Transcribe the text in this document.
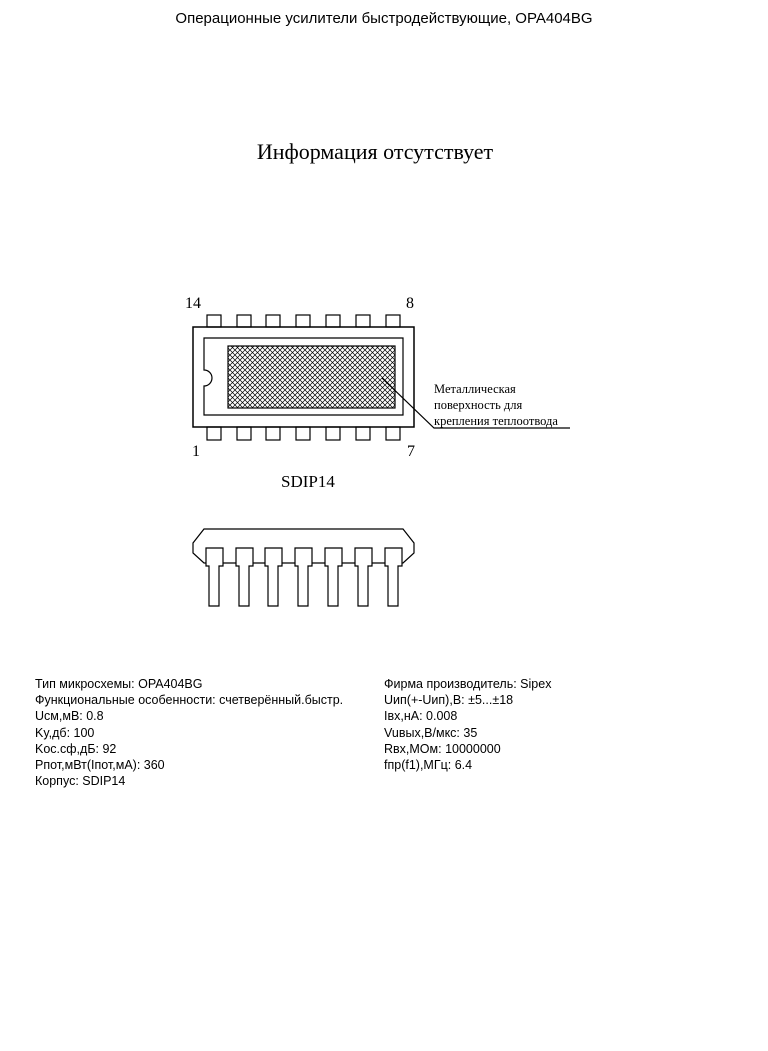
Операционные усилители быстродействующие, OPA404BG
Информация отсутствует
14	8
1	7
Металлическая
поверхность для
крепления теплоотвода
SDIP14
Тип микросхемы: OPA404BG
Функциональные особенности: счетверённый.быстр.
Uсм,мВ: 0.8
Ky,дб: 100
Koc.cф,дБ: 92
Pпот,мВт(Iпот,мА): 360
Корпус: SDIP14
Фирма производитель: Sipex
Uип(+-Uип),В: ±5...±18
Iвх,нА: 0.008
Vuвых,В/мкс: 35
Rвх,МОм: 10000000
fпр(f1),МГц: 6.4
